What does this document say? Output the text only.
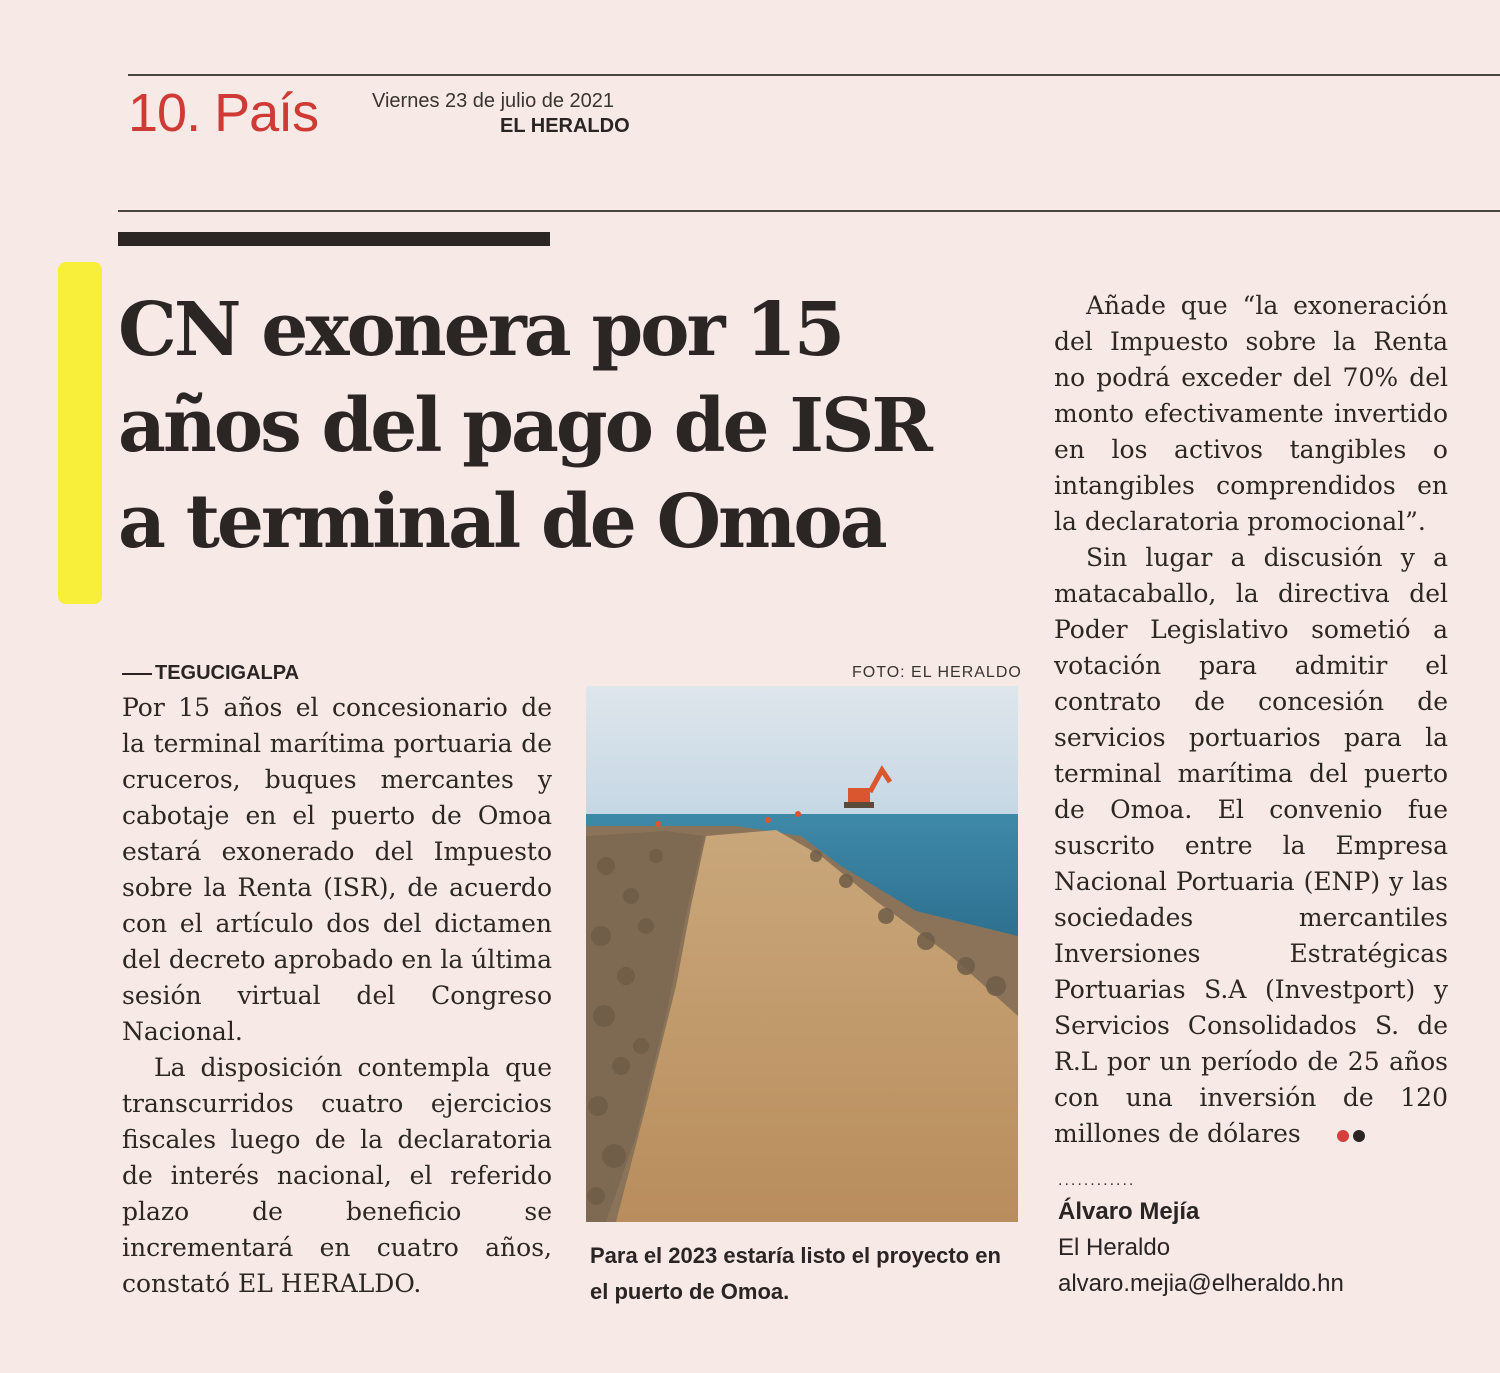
10. País	Viernes 23 de julio de 2021
EL HERALDO
CN exonera por 15
años del pago de ISR
a terminal de Omoa
TEGUCIGALPA

Por 15 años el concesionario de la terminal marítima portuaria de cruceros, buques mercantes y cabotaje en el puerto de Omoa estará exonerado del Impuesto sobre la Renta (ISR), de acuerdo con el artículo dos del dictamen del decreto aprobado en la última sesión virtual del Congreso Nacional.

La disposición contempla que transcurridos cuatro ejercicios fiscales luego de la declaratoria de interés nacional, el referido plazo de beneficio se incrementará en cuatro años, constató EL HERALDO.

FOTO: EL HERALDO
Para el 2023 estaría listo el proyecto en el puerto de Omoa.

Añade que “la exoneración del Impuesto sobre la Renta no podrá exceder del 70% del monto efectivamente invertido en los activos tangibles o intangibles comprendidos en la declaratoria promocional”.

Sin lugar a discusión y a matacaballo, la directiva del Poder Legislativo sometió a votación para admitir el contrato de concesión de servicios portuarios para la terminal marítima del puerto de Omoa. El convenio fue suscrito entre la Empresa Nacional Portuaria (ENP) y las sociedades mercantiles Inversiones Estratégicas Portuarias S.A (Investport) y Servicios Consolidados S. de R.L por un período de 25 años con una inversión de 120 millones de dólares

............
Álvaro Mejía
El Heraldo
alvaro.mejia@elheraldo.hn
